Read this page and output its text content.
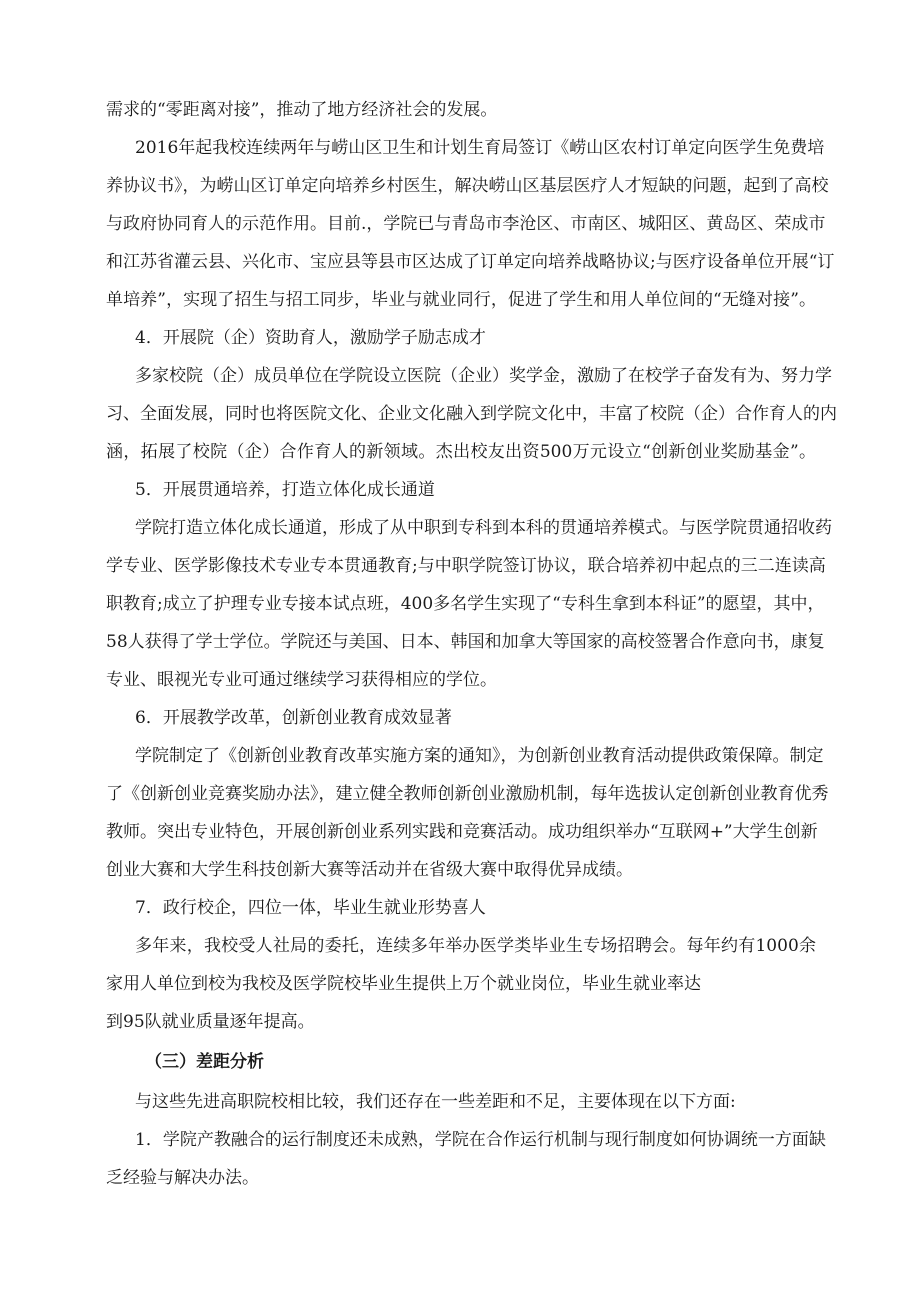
需求的“零距离对接”，推动了地方经济社会的发展。
2016年起我校连续两年与崂山区卫生和计划生育局签订《崂山区农村订单定向医学生免费培
养协议书》，为崂山区订单定向培养乡村医生，解决崂山区基层医疗人才短缺的问题，起到了高校
与政府协同育人的示范作用。目前.，学院已与青岛市李沧区、市南区、城阳区、黄岛区、荣成市
和江苏省灌云县、兴化市、宝应县等县市区达成了订单定向培养战略协议;与医疗设备单位开展“订
单培养”，实现了招生与招工同步，毕业与就业同行，促进了学生和用人单位间的“无缝对接”。
4．开展院（企）资助育人，激励学子励志成才
多家校院（企）成员单位在学院设立医院（企业）奖学金，激励了在校学子奋发有为、努力学
习、全面发展，同时也将医院文化、企业文化融入到学院文化中，丰富了校院（企）合作育人的内
涵，拓展了校院（企）合作育人的新领域。杰出校友出资500万元设立“创新创业奖励基金”。
5．开展贯通培养，打造立体化成长通道
学院打造立体化成长通道，形成了从中职到专科到本科的贯通培养模式。与医学院贯通招收药
学专业、医学影像技术专业专本贯通教育;与中职学院签订协议，联合培养初中起点的三二连读高
职教育;成立了护理专业专接本试点班，400多名学生实现了“专科生拿到本科证”的愿望，其中，
58人获得了学士学位。学院还与美国、日本、韩国和加拿大等国家的高校签署合作意向书，康复
专业、眼视光专业可通过继续学习获得相应的学位。
6．开展教学改革，创新创业教育成效显著
学院制定了《创新创业教育改革实施方案的通知》，为创新创业教育活动提供政策保障。制定
了《创新创业竞赛奖励办法》，建立健全教师创新创业激励机制，每年选拔认定创新创业教育优秀
教师。突出专业特色，开展创新创业系列实践和竞赛活动。成功组织举办“互联网+”大学生创新
创业大赛和大学生科技创新大赛等活动并在省级大赛中取得优异成绩。
7．政行校企，四位一体，毕业生就业形势喜人
多年来，我校受人社局的委托，连续多年举办医学类毕业生专场招聘会。每年约有1000余
家用人单位到校为我校及医学院校毕业生提供上万个就业岗位，毕业生就业率达
到95队就业质量逐年提高。
（三）差距分析
与这些先进高职院校相比较，我们还存在一些差距和不足，主要体现在以下方面:
1．学院产教融合的运行制度还未成熟，学院在合作运行机制与现行制度如何协调统一方面缺
乏经验与解决办法。
